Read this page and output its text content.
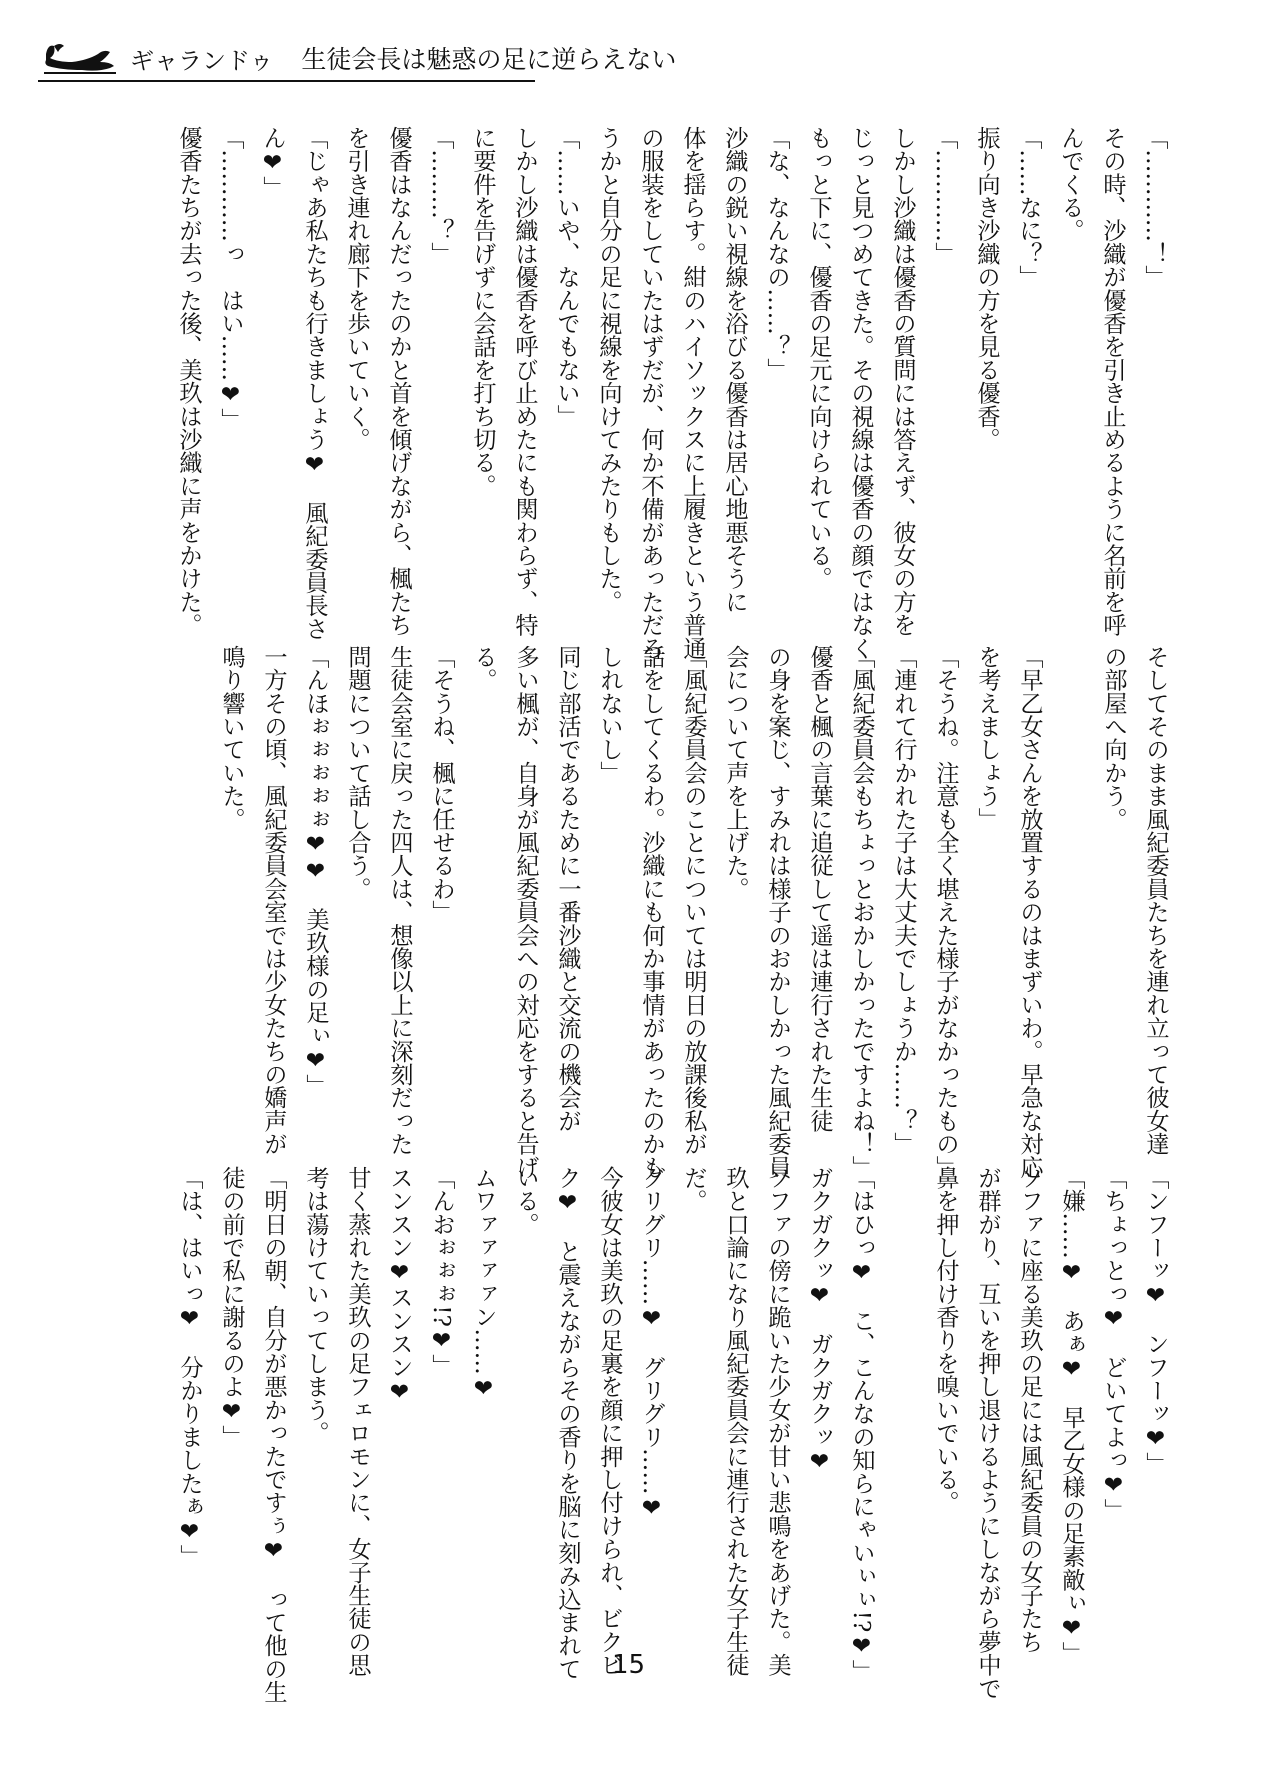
ギャランドゥ 生徒会長は魅惑の足に逆らえない
「…………！」
その時、沙織が優香を引き止めるように名前を呼
んでくる。
「……なに？」
振り向き沙織の方を見る優香。
「…………」
しかし沙織は優香の質問には答えず、彼女の方を
じっと見つめてきた。その視線は優香の顔ではなく
もっと下に、優香の足元に向けられている。
「な、なんなの……？」
沙織の鋭い視線を浴びる優香は居心地悪そうに
体を揺らす。紺のハイソックスに上履きという普通
の服装をしていたはずだが、何か不備があっただろ
うかと自分の足に視線を向けてみたりもした。
「……いや、なんでもない」
しかし沙織は優香を呼び止めたにも関わらず、特
に要件を告げずに会話を打ち切る。
「………？」
優香はなんだったのかと首を傾げながら、楓たち
を引き連れ廊下を歩いていく。
「じゃあ私たちも行きましょう❤　風紀委員長さ
ん❤」
「…………っ　はい……❤」
優香たちが去った後、美玖は沙織に声をかけた。
そしてそのまま風紀委員たちを連れ立って彼女達
の部屋へ向かう。

「早乙女さんを放置するのはまずいわ。早急な対応
を考えましょう」
「そうね。注意も全く堪えた様子がなかったもの」
「連れて行かれた子は大丈夫でしょうか……？」
「風紀委員会もちょっとおかしかったですよね！」
優香と楓の言葉に追従して遥は連行された生徒
の身を案じ、すみれは様子のおかしかった風紀委員
会について声を上げた。
「風紀委員会のことについては明日の放課後私が
話をしてくるわ。沙織にも何か事情があったのかも
しれないし」
同じ部活であるために一番沙織と交流の機会が
多い楓が、自身が風紀委員会への対応をすると告げ
る。
「そうね、楓に任せるわ」
生徒会室に戻った四人は、想像以上に深刻だった
問題について話し合う。
「んほぉぉぉぉぉ❤❤　美玖様の足ぃ❤」
一方その頃、風紀委員会室では少女たちの嬌声が
鳴り響いていた。
「ンフーッ❤　ンフーッ❤」
「ちょっとっ❤　どいてよっ❤」
「嫌……❤　あぁ❤　早乙女様の足素敵ぃ❤」
ソファに座る美玖の足には風紀委員の女子たち
が群がり、互いを押し退けるようにしながら夢中で
鼻を押し付け香りを嗅いでいる。

「はひっ❤　こ、こんなの知らにゃいぃぃ!?❤」
ガクガクッ❤　ガクガクッ❤
ソファの傍に跪いた少女が甘い悲鳴をあげた。美
玖と口論になり風紀委員会に連行された女子生徒
だ。
グリグリ……❤　グリグリ……❤
今彼女は美玖の足裏を顔に押し付けられ、ビクビ
ク❤　と震えながらその香りを脳に刻み込まれて
いる。
ムワァァァァン……❤
「んおぉぉぉ!?❤」
スンスン❤スンスン❤
甘く蒸れた美玖の足フェロモンに、女子生徒の思
考は蕩けていってしまう。
「明日の朝、自分が悪かったですぅ❤　って他の生
徒の前で私に謝るのよ❤」
「は、はいっ❤　分かりましたぁ❤」
15
